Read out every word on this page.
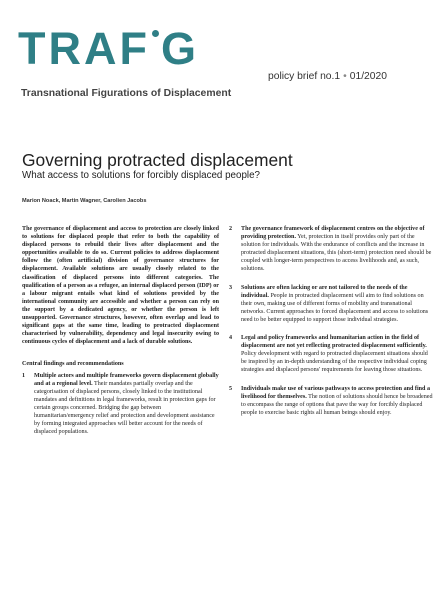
TRAF G
Transnational Figurations of Displacement
policy brief no.1 • 01/2020
Governing protracted displacement
What access to solutions for forcibly displaced people?
Marion Noack, Martin Wagner, Carolien Jacobs

The governance of displacement and access to protection are closely linked to solutions for displaced people that refer to both the capability of displaced persons to rebuild their lives after displacement and the opportunities available to do so. Current policies to address displacement follow the (often artificial) division of governance structures for displacement. Available solutions are usually closely related to the classification of displaced persons into different categories. The qualification of a person as a refugee, an internal displaced person (IDP) or a labour migrant entails what kind of solutions provided by the international community are accessible and whether a person can rely on the support by a dedicated agency, or whether the person is left unsupported. Governance structures, however, often overlap and lead to significant gaps at the same time, leading to protracted displacement characterised by vulnerability, dependency and legal insecurity owing to continuous cycles of displacement and a lack of durable solutions.

Central findings and recommendations
1	Multiple actors and multiple frameworks govern displacement globally and at a regional level. Their mandates partially overlap and the categorisation of displaced persons, closely linked to the institutional mandates and definitions in legal frameworks, result in protection gaps for certain groups concerned. Bridging the gap between humanitarian/emergency relief and protection and development assistance by forming integrated approaches will better account for the needs of displaced populations.
2	The governance framework of displacement centres on the objective of providing protection. Yet, protection in itself provides only part of the solution for individuals. With the endurance of conflicts and the increase in protracted displacement situations, this (short-term) protection need should be coupled with longer-term perspectives to access livelihoods and, as such, solutions.
3	Solutions are often lacking or are not tailored to the needs of the individual. People in protracted displacement will aim to find solutions on their own, making use of different forms of mobility and transnational networks. Current approaches to forced displacement and access to solutions need to be better equipped to support those individual strategies.
4	Legal and policy frameworks and humanitarian action in the field of displacement are not yet reflecting protracted displacement sufficiently. Policy development with regard to protracted displacement situations should be inspired by an in-depth understanding of the respective individual coping strategies and displaced persons' requirements for leaving those situations.
5	Individuals make use of various pathways to access protection and find a livelihood for themselves. The notion of solutions should hence be broadened to encompass the range of options that pave the way for forcibly displaced people to exercise basic rights all human beings should enjoy.
